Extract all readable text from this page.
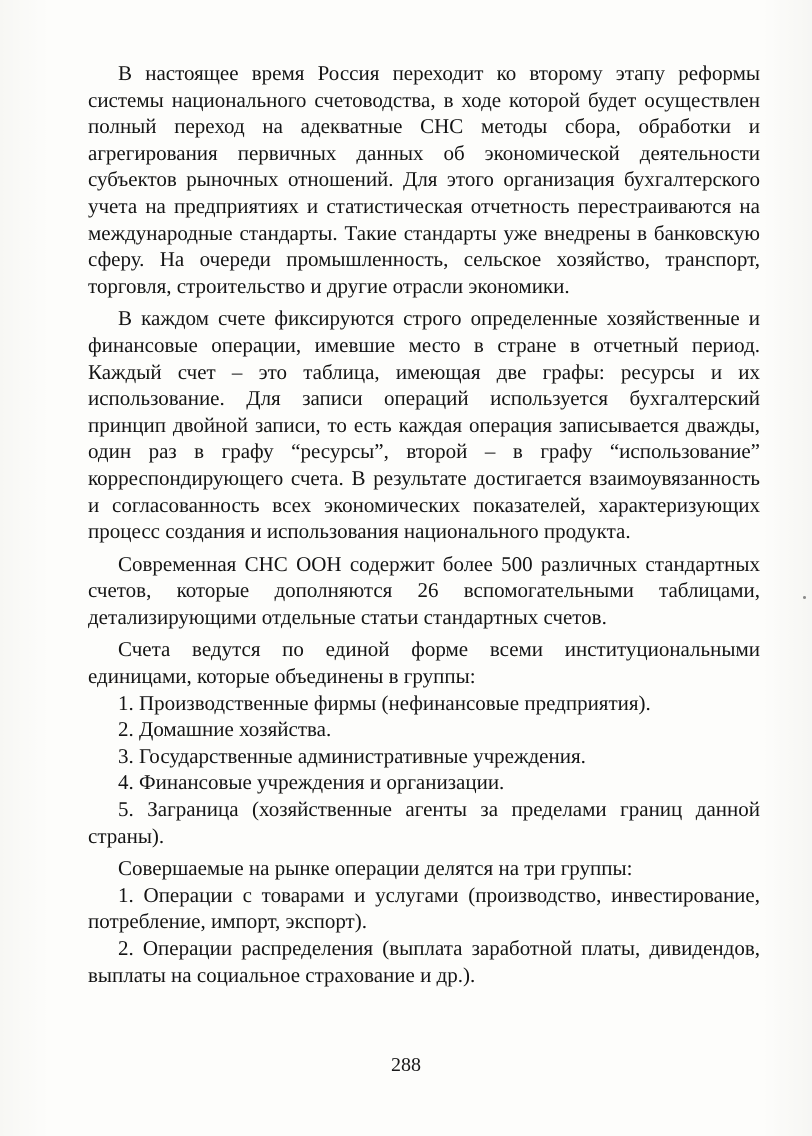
В настоящее время Россия переходит ко второму этапу реформы системы национального счетоводства, в ходе которой будет осуществлен полный переход на адекватные СНС методы сбора, обработки и агрегирования первичных данных об экономической деятельности субъектов рыночных отношений. Для этого организация бухгалтерского учета на предприятиях и статистическая отчетность перестраиваются на международные стандарты. Такие стандарты уже внедрены в банковскую сферу. На очереди промышленность, сельское хозяйство, транспорт, торговля, строительство и другие отрасли экономики.

В каждом счете фиксируются строго определенные хозяйственные и финансовые операции, имевшие место в стране в отчетный период. Каждый счет – это таблица, имеющая две графы: ресурсы и их использование. Для записи операций используется бухгалтерский принцип двойной записи, то есть каждая операция записывается дважды, один раз в графу “ресурсы”, второй – в графу “использование” корреспондирующего счета. В результате достигается взаимоувязанность и согласованность всех экономических показателей, характеризующих процесс создания и использования национального продукта.

Современная СНС ООН содержит более 500 различных стандартных счетов, которые дополняются 26 вспомогательными таблицами, детализирующими отдельные статьи стандартных счетов.

Счета ведутся по единой форме всеми институциональными единицами, которые объединены в группы:

1. Производственные фирмы (нефинансовые предприятия).

2. Домашние хозяйства.

3. Государственные административные учреждения.

4. Финансовые учреждения и организации.

5. Заграница (хозяйственные агенты за пределами границ данной страны).

Совершаемые на рынке операции делятся на три группы:

1. Операции с товарами и услугами (производство, инвестирование, потребление, импорт, экспорт).

2. Операции распределения (выплата заработной платы, дивидендов, выплаты на социальное страхование и др.).

288
